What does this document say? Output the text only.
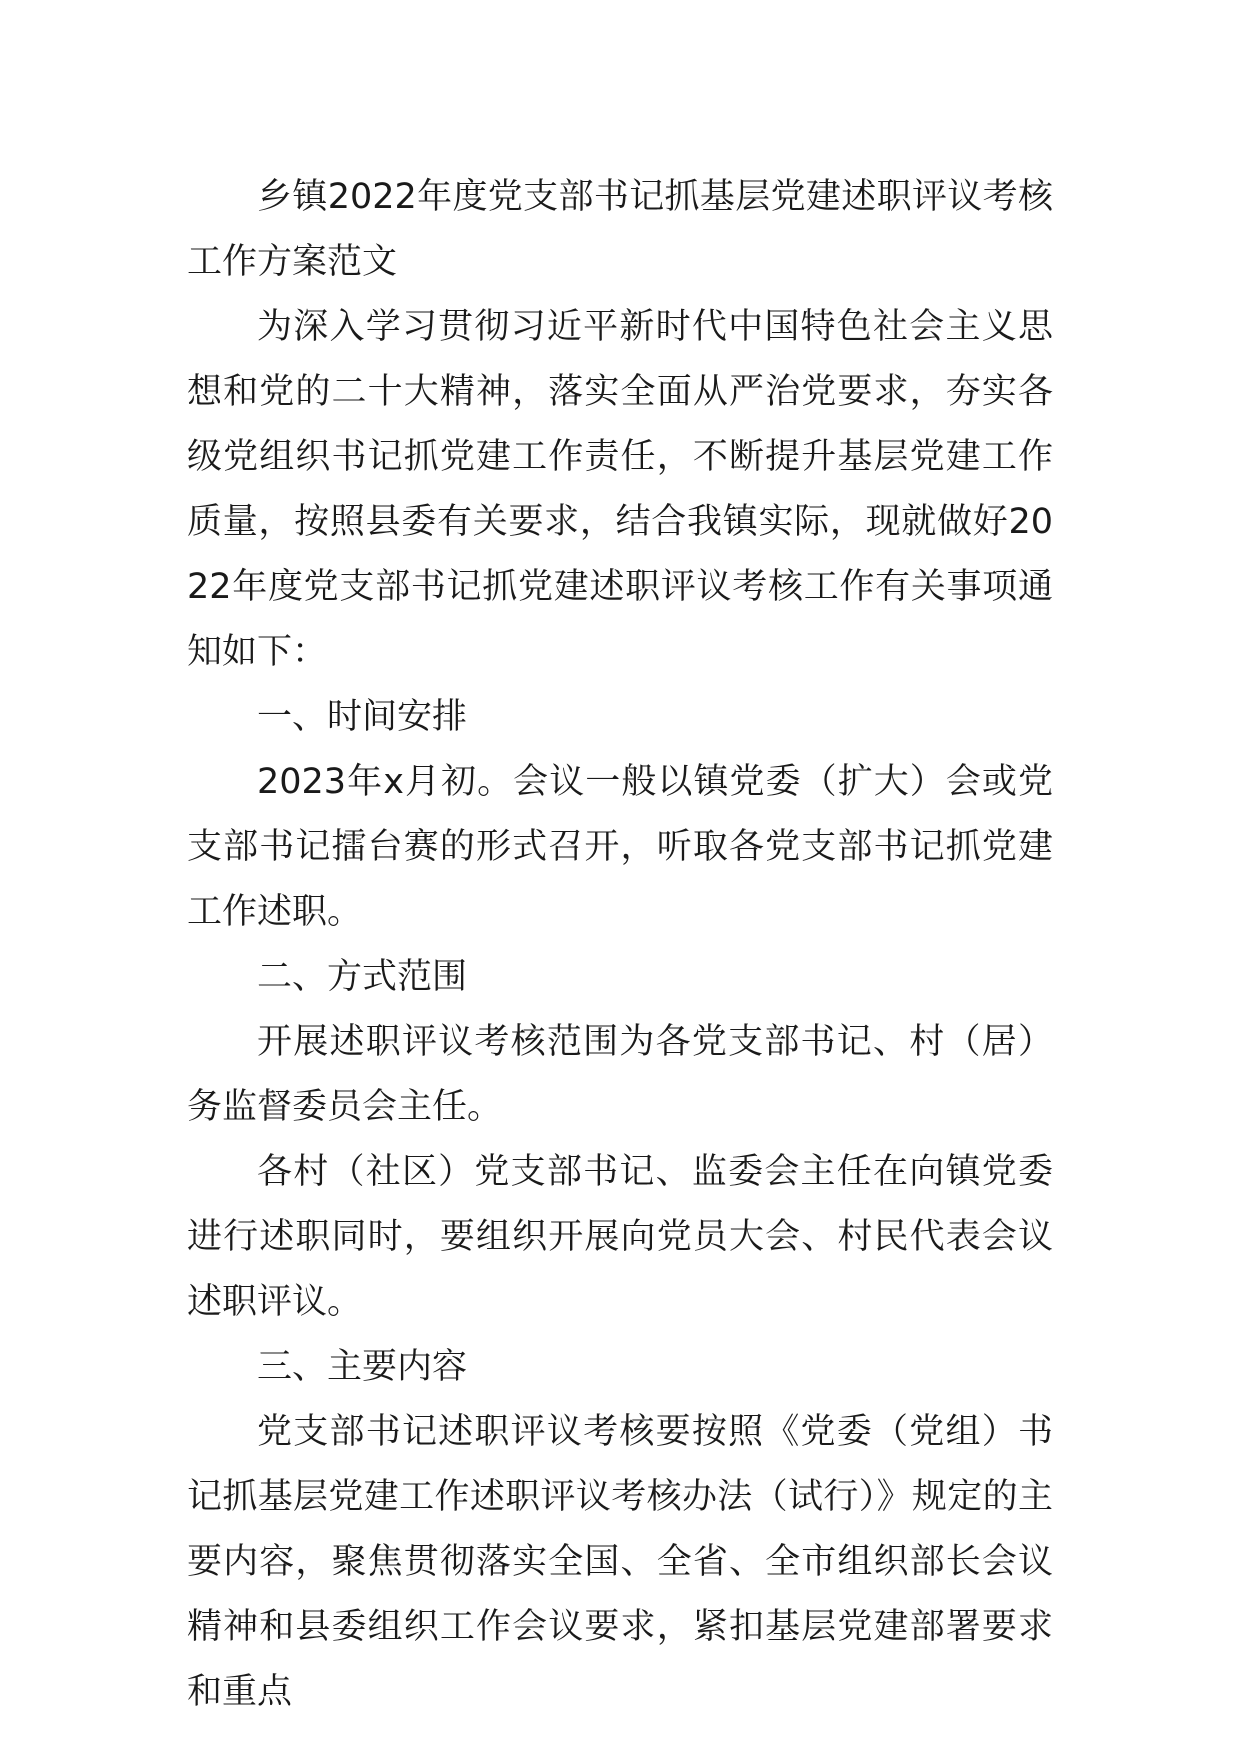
乡镇2022年度党支部书记抓基层党建述职评议考核工作方案范文

为深入学习贯彻习近平新时代中国特色社会主义思想和党的二十大精神，落实全面从严治党要求，夯实各级党组织书记抓党建工作责任，不断提升基层党建工作质量，按照县委有关要求，结合我镇实际，现就做好2022年度党支部书记抓党建述职评议考核工作有关事项通知如下：

一、时间安排

2023年x月初。会议一般以镇党委（扩大）会或党支部书记擂台赛的形式召开，听取各党支部书记抓党建工作述职。

二、方式范围

开展述职评议考核范围为各党支部书记、村（居）务监督委员会主任。

各村（社区）党支部书记、监委会主任在向镇党委进行述职同时，要组织开展向党员大会、村民代表会议述职评议。

三、主要内容

党支部书记述职评议考核要按照《党委（党组）书记抓基层党建工作述职评议考核办法（试行）》规定的主要内容，聚焦贯彻落实全国、全省、全市组织部长会议精神和县委组织工作会议要求，紧扣基层党建部署要求和重点
